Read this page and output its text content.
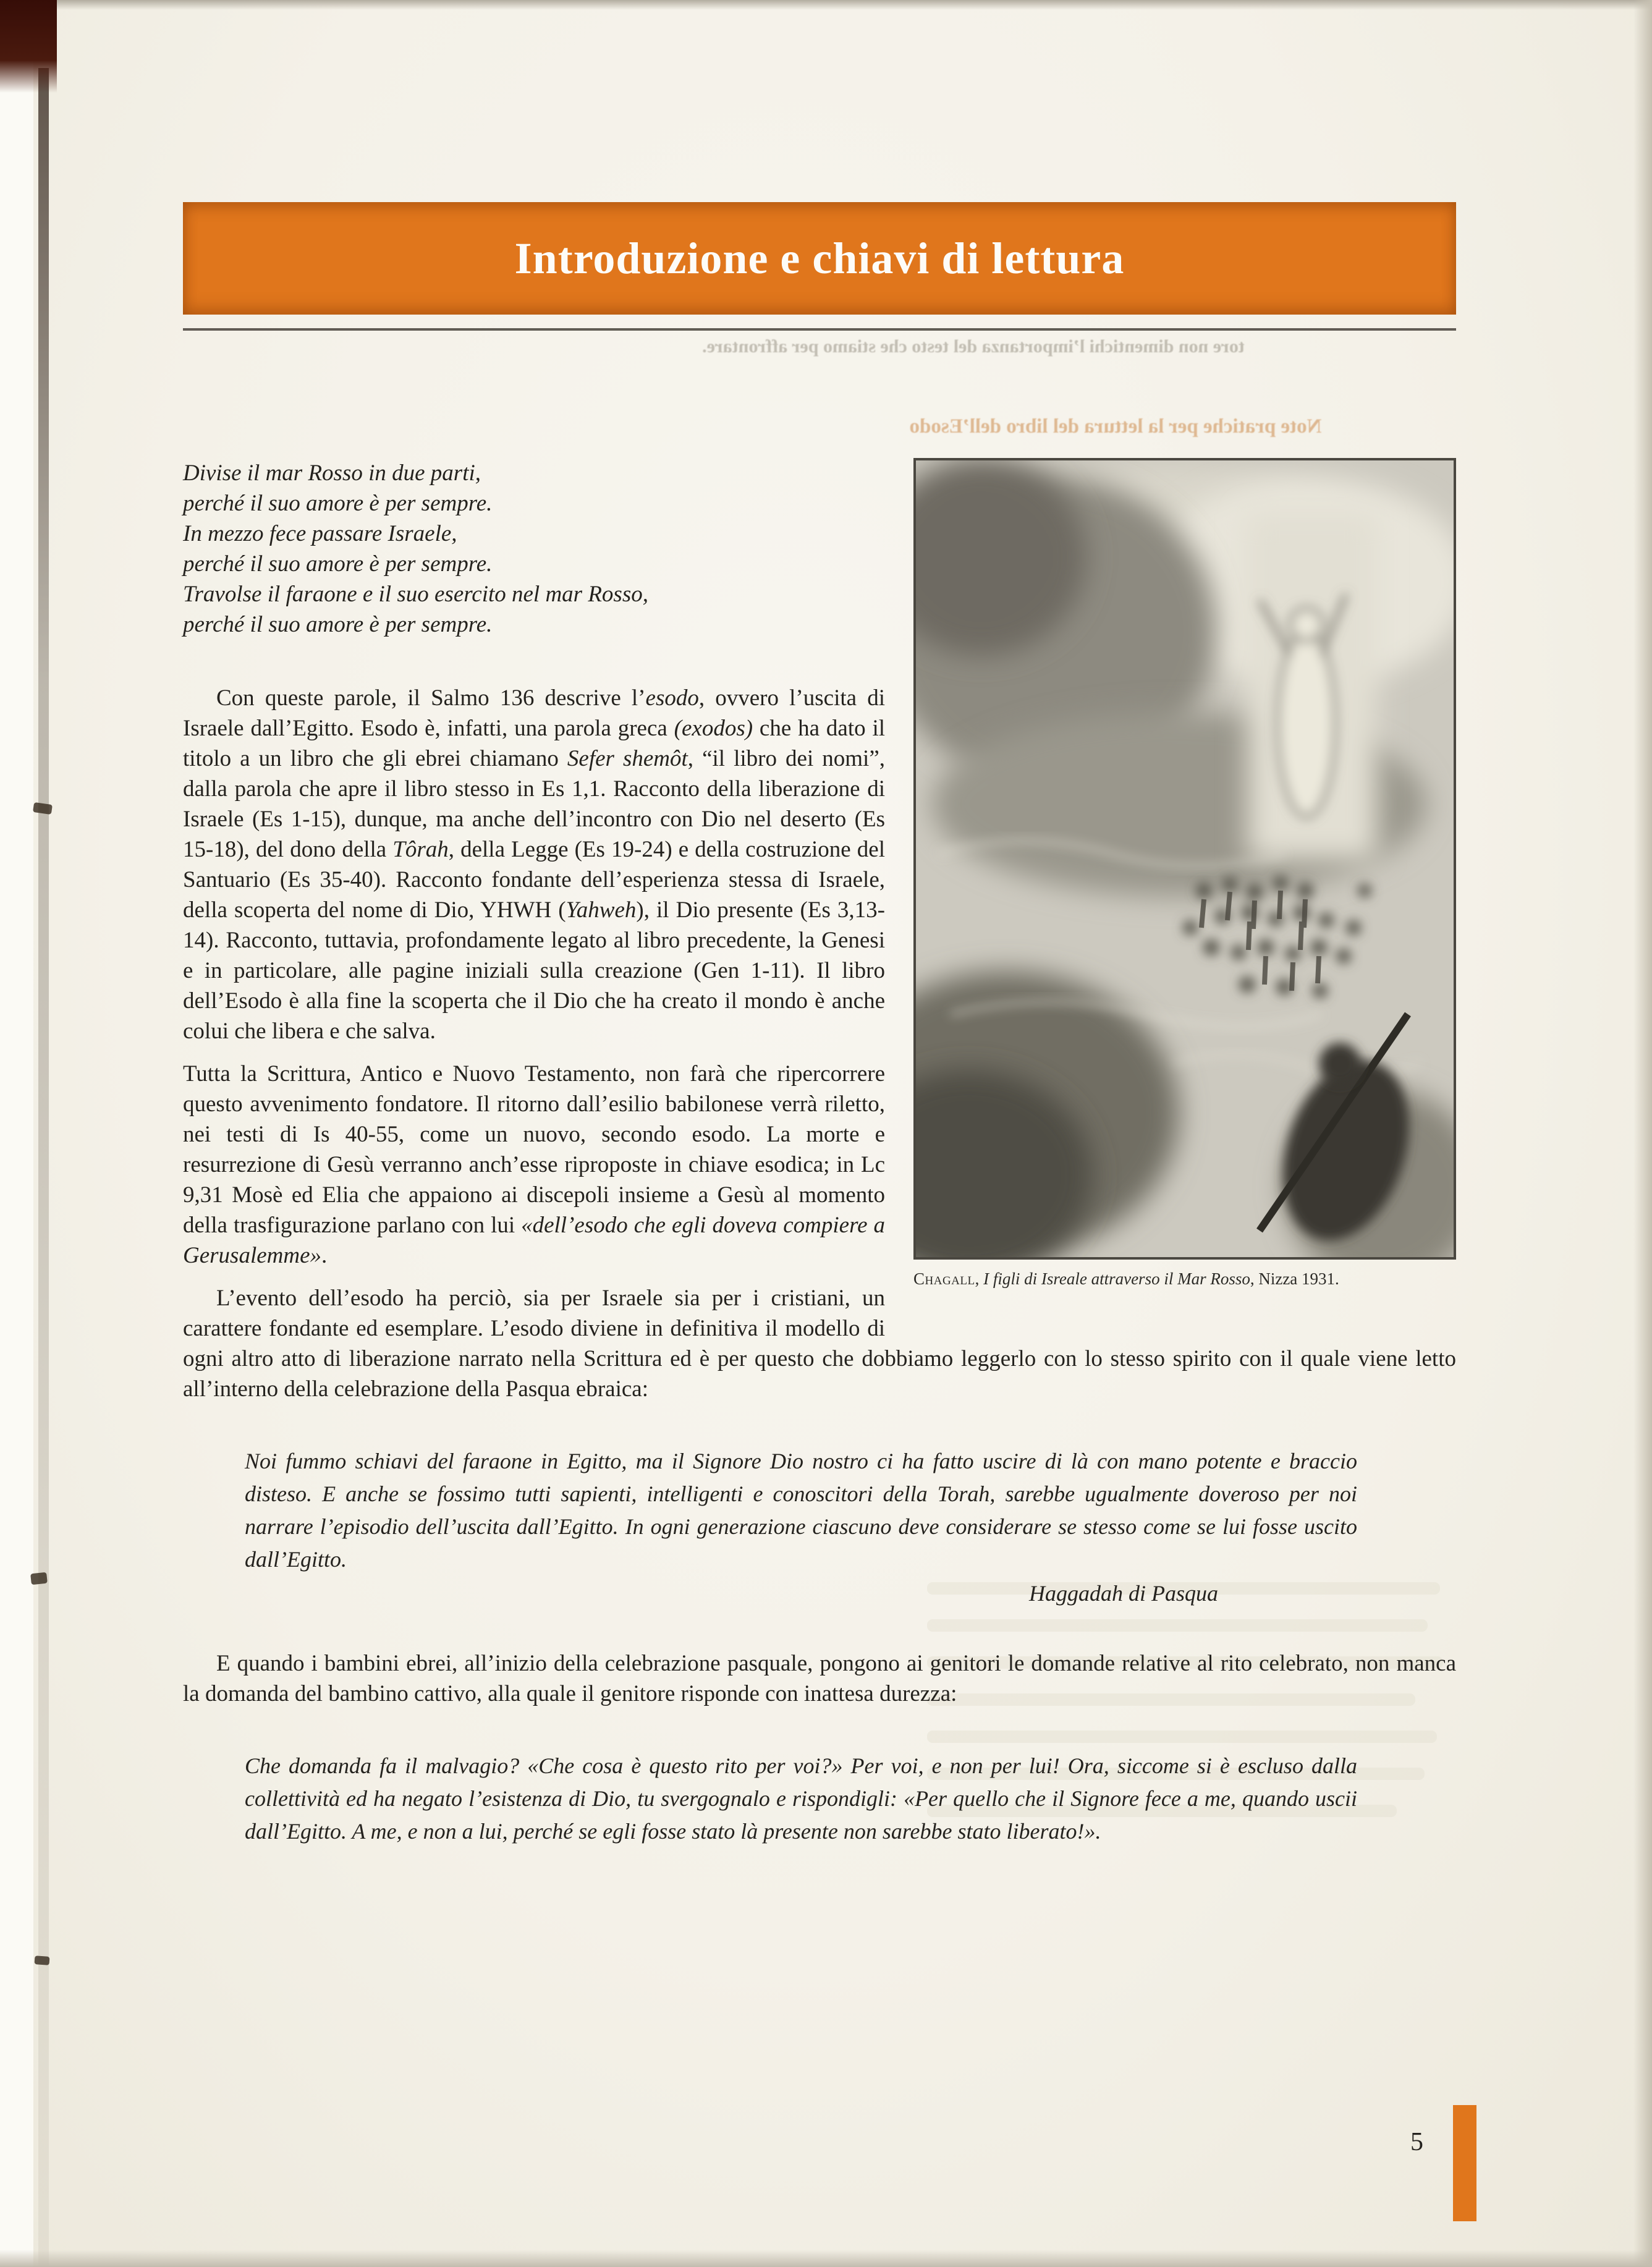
tore non dimentichi l’importanza del testo che stiamo per affrontare.
Note pratiche per la lettura del libro dell’Esodo
Introduzione e chiavi di lettura
Chagall, I figli di Isreale attraverso il Mar Rosso, Nizza 1931.
Divise il mar Rosso in due parti,
perché il suo amore è per sempre.
In mezzo fece passare Israele,
perché il suo amore è per sempre.
Travolse il faraone e il suo esercito nel mar Rosso,
perché il suo amore è per sempre.

Con queste parole, il Salmo 136 descrive l’esodo, ovvero l’uscita di Israele dall’Egitto. Esodo è, infatti, una parola greca (exodos) che ha dato il titolo a un libro che gli ebrei chiamano Sefer shemôt, “il libro dei nomi”, dalla parola che apre il libro stesso in Es 1,1. Racconto della liberazione di Israele (Es 1-15), dunque, ma anche dell’incontro con Dio nel deserto (Es 15-18), del dono della Tôrah, della Legge (Es 19-24) e della costruzione del Santuario (Es 35-40). Racconto fondante dell’esperienza stessa di Israele, della scoperta del nome di Dio, YHWH (Yahweh), il Dio presente (Es 3,13-14). Racconto, tuttavia, profondamente legato al libro precedente, la Genesi e in particolare, alle pagine iniziali sulla creazione (Gen 1-11). Il libro dell’Esodo è alla fine la scoperta che il Dio che ha creato il mondo è anche colui che libera e che salva.

Tutta la Scrittura, Antico e Nuovo Testamento, non farà che ripercorrere questo avvenimento fondatore. Il ritorno dall’esilio babilonese verrà riletto, nei testi di Is 40-55, come un nuovo, secondo esodo. La morte e resurrezione di Gesù verranno anch’esse riproposte in chiave esodica; in Lc 9,31 Mosè ed Elia che appaiono ai discepoli insieme a Gesù al momento della trasfigurazione parlano con lui «dell’esodo che egli doveva compiere a Gerusalemme».

L’evento dell’esodo ha perciò, sia per Israele sia per i cristiani, un carattere fondante ed esemplare. L’esodo diviene in definitiva il modello di ogni altro atto di liberazione narrato nella Scrittura ed è per questo che dobbiamo leggerlo con lo stesso spirito con il quale viene letto all’interno della celebrazione della Pasqua ebraica:

Noi fummo schiavi del faraone in Egitto, ma il Signore Dio nostro ci ha fatto uscire di là con mano potente e braccio disteso. E anche se fossimo tutti sapienti, intelligenti e conoscitori della Torah, sarebbe ugualmente doveroso per noi narrare l’episodio dell’uscita dall’Egitto. In ogni generazione ciascuno deve considerare se stesso come se lui fosse uscito dall’Egitto.

Haggadah di Pasqua

E quando i bambini ebrei, all’inizio della celebrazione pasquale, pongono ai genitori le domande relative al rito celebrato, non manca la domanda del bambino cattivo, alla quale il genitore risponde con inattesa durezza:

Che domanda fa il malvagio? «Che cosa è questo rito per voi?» Per voi, e non per lui! Ora, siccome si è escluso dalla collettività ed ha negato l’esistenza di Dio, tu svergognalo e rispondigli: «Per quello che il Signore fece a me, quando uscii dall’Egitto. A me, e non a lui, perché se egli fosse stato là presente non sarebbe stato liberato!».

5
